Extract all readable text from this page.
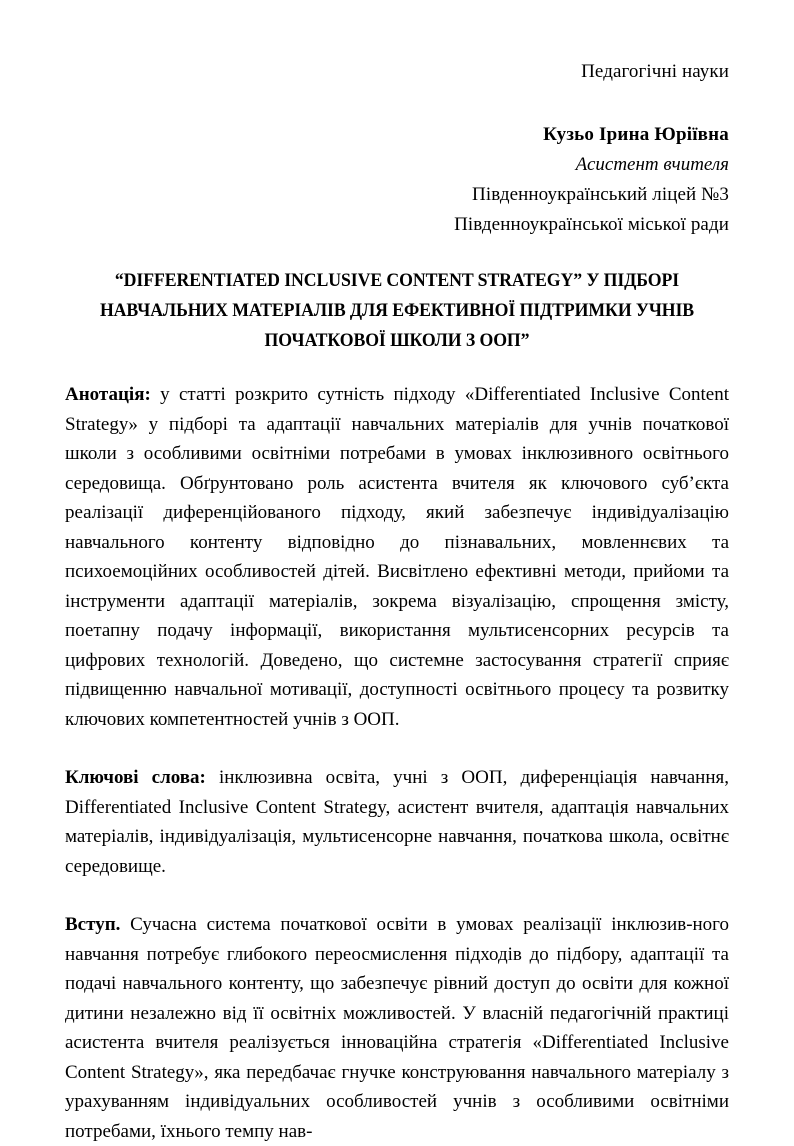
Педагогічні науки
Кузьо Ірина Юріївна
Асистент вчителя
Південноукраїнський ліцей №3
Південноукраїнської міської ради
“DIFFERENTIATED INCLUSIVE CONTENT STRATEGY” У ПІДБОРІ
НАВЧАЛЬНИХ МАТЕРІАЛІВ ДЛЯ ЕФЕКТИВНОЇ ПІДТРИМКИ УЧНІВ
ПОЧАТКОВОЇ ШКОЛИ З ООП”

Анотація: у статті розкрито сутність підходу «Differentiated Inclusive Content Strategy» у підборі та адаптації навчальних матеріалів для учнів початкової школи з особливими освітніми потребами в умовах інклюзивного освітнього середовища. Обґрунтовано роль асистента вчителя як ключового суб’єкта реалізації диференційованого підходу, який забезпечує індивідуалізацію навчального контенту відповідно до пізнавальних, мовленнєвих та психоемоційних особливостей дітей. Висвітлено ефективні методи, прийоми та інструменти адаптації матеріалів, зокрема візуалізацію, спрощення змісту, поетапну подачу інформації, використання мультисенсорних ресурсів та цифрових технологій. Доведено, що системне застосування стратегії сприяє підвищенню навчальної мотивації, доступності освітнього процесу та розвитку ключових компетентностей учнів з ООП.

Ключові слова: інклюзивна освіта, учні з ООП, диференціація навчання, Differentiated Inclusive Content Strategy, асистент вчителя, адаптація навчальних матеріалів, індивідуалізація, мультисенсорне навчання, початкова школа, освітнє середовище.

Вступ. Сучасна система початкової освіти в умовах реалізації інклюзив-ного навчання потребує глибокого переосмислення підходів до підбору, адаптації та подачі навчального контенту, що забезпечує рівний доступ до освіти для кожної дитини незалежно від її освітніх можливостей. У власній педагогічній практиці асистента вчителя реалізується інноваційна стратегія «Differentiated Inclusive Content Strategy», яка передбачає гнучке конструювання навчального матеріалу з урахуванням індивідуальних особливостей учнів з особливими освітніми потребами, їхнього темпу нав-
